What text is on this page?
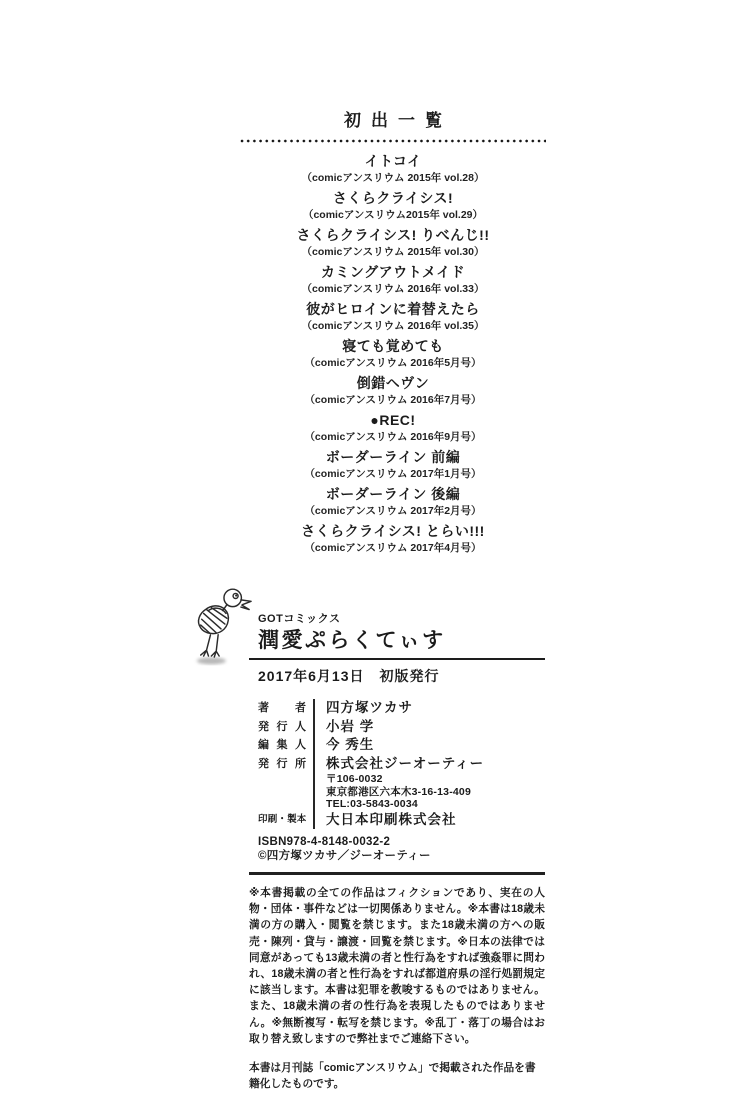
初出一覧
イトコイ
（comicアンスリウム 2015年 vol.28）
さくらクライシス!
（comicアンスリウム2015年 vol.29）
さくらクライシス! りべんじ!!
（comicアンスリウム 2015年 vol.30）
カミングアウトメイド
（comicアンスリウム 2016年 vol.33）
彼がヒロインに着替えたら
（comicアンスリウム 2016年 vol.35）
寝ても覚めても
（comicアンスリウム 2016年5月号）
倒錯ヘヴン
（comicアンスリウム 2016年7月号）
●REC!
（comicアンスリウム 2016年9月号）
ボーダーライン 前編
（comicアンスリウム 2017年1月号）
ボーダーライン 後編
（comicアンスリウム 2017年2月号）
さくらクライシス! とらい!!!
（comicアンスリウム 2017年4月号）
GOTコミックス
潤愛ぷらくてぃす
2017年6月13日　初版発行
著 者 四方塚ツカサ
発 行 人 小岩 学
編 集 人 今 秀生
発 行 所 株式会社ジーオーティー
〒106-0032
東京都港区六本木3-16-13-409
TEL:03-5843-0034
印刷・製本 大日本印刷株式会社
ISBN978-4-8148-0032-2
©四方塚ツカサ／ジーオーティー

※本書掲載の全ての作品はフィクションであり、実在の人物・団体・事件などは一切関係ありません。※本書は18歳未満の方の購入・閲覧を禁じます。また18歳未満の方への販売・陳列・貸与・譲渡・回覧を禁じます。※日本の法律では同意があっても13歳未満の者と性行為をすれば強姦罪に問われ、18歳未満の者と性行為をすれば都道府県の淫行処罰規定に該当します。本書は犯罪を教唆するものではありません。また、18歳未満の者の性行為を表現したものではありません。※無断複写・転写を禁じます。※乱丁・落丁の場合はお取り替え致しますので弊社までご連絡下さい。

本書は月刊誌「comicアンスリウム」で掲載された作品を書籍化したものです。
